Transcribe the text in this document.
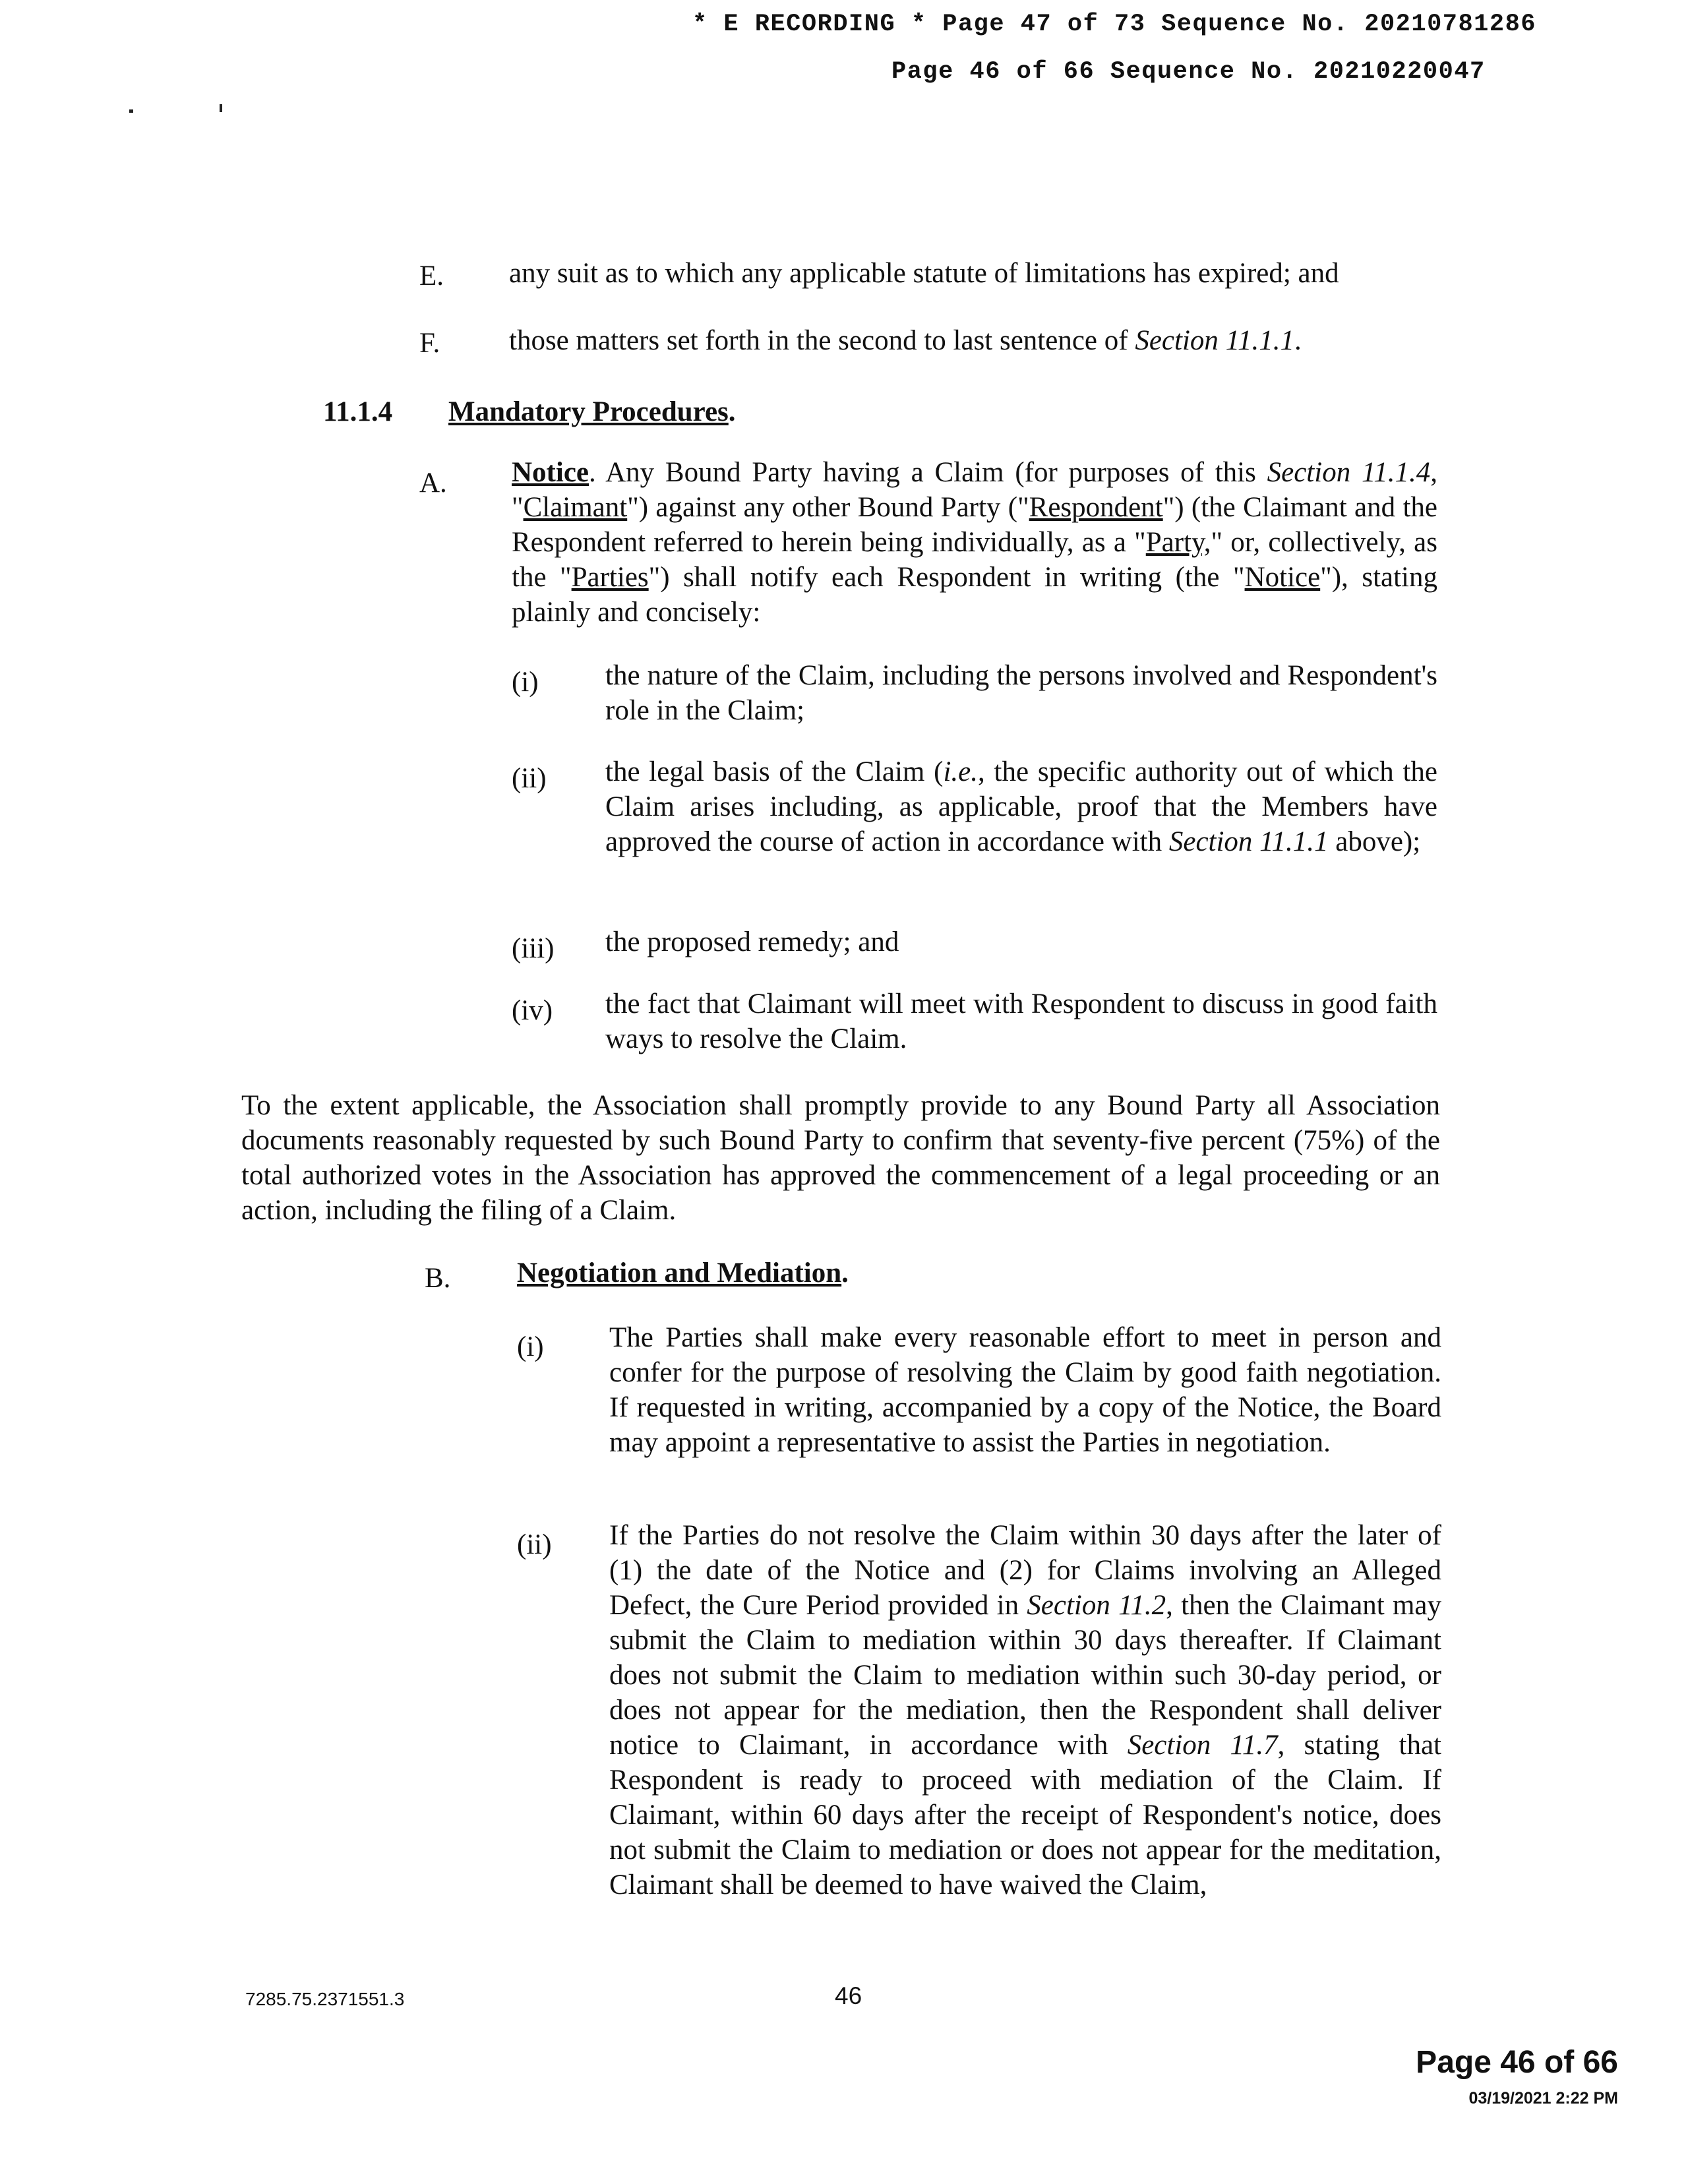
* E RECORDING * Page 47 of 73 Sequence No. 20210781286
Page 46 of 66 Sequence No. 20210220047
E. any suit as to which any applicable statute of limitations has expired; and
F. those matters set forth in the second to last sentence of Section 11.1.1.
11.1.4 Mandatory Procedures.
A. Notice. Any Bound Party having a Claim (for purposes of this Section 11.1.4, "Claimant") against any other Bound Party ("Respondent") (the Claimant and the Respondent referred to herein being individually, as a "Party," or, collectively, as the "Parties") shall notify each Respondent in writing (the "Notice"), stating plainly and concisely:
(i) the nature of the Claim, including the persons involved and Respondent's role in the Claim;
(ii) the legal basis of the Claim (i.e., the specific authority out of which the Claim arises including, as applicable, proof that the Members have approved the course of action in accordance with Section 11.1.1 above);
(iii) the proposed remedy; and
(iv) the fact that Claimant will meet with Respondent to discuss in good faith ways to resolve the Claim.
To the extent applicable, the Association shall promptly provide to any Bound Party all Association documents reasonably requested by such Bound Party to confirm that seventy-five percent (75%) of the total authorized votes in the Association has approved the commencement of a legal proceeding or an action, including the filing of a Claim.
B. Negotiation and Mediation.
(i) The Parties shall make every reasonable effort to meet in person and confer for the purpose of resolving the Claim by good faith negotiation. If requested in writing, accompanied by a copy of the Notice, the Board may appoint a representative to assist the Parties in negotiation.
(ii) If the Parties do not resolve the Claim within 30 days after the later of (1) the date of the Notice and (2) for Claims involving an Alleged Defect, the Cure Period provided in Section 11.2, then the Claimant may submit the Claim to mediation within 30 days thereafter. If Claimant does not submit the Claim to mediation within such 30-day period, or does not appear for the mediation, then the Respondent shall deliver notice to Claimant, in accordance with Section 11.7, stating that Respondent is ready to proceed with mediation of the Claim. If Claimant, within 60 days after the receipt of Respondent's notice, does not submit the Claim to mediation or does not appear for the meditation, Claimant shall be deemed to have waived the Claim,
7285.75.2371551.3	46
Page 46 of 66
03/19/2021 2:22 PM
